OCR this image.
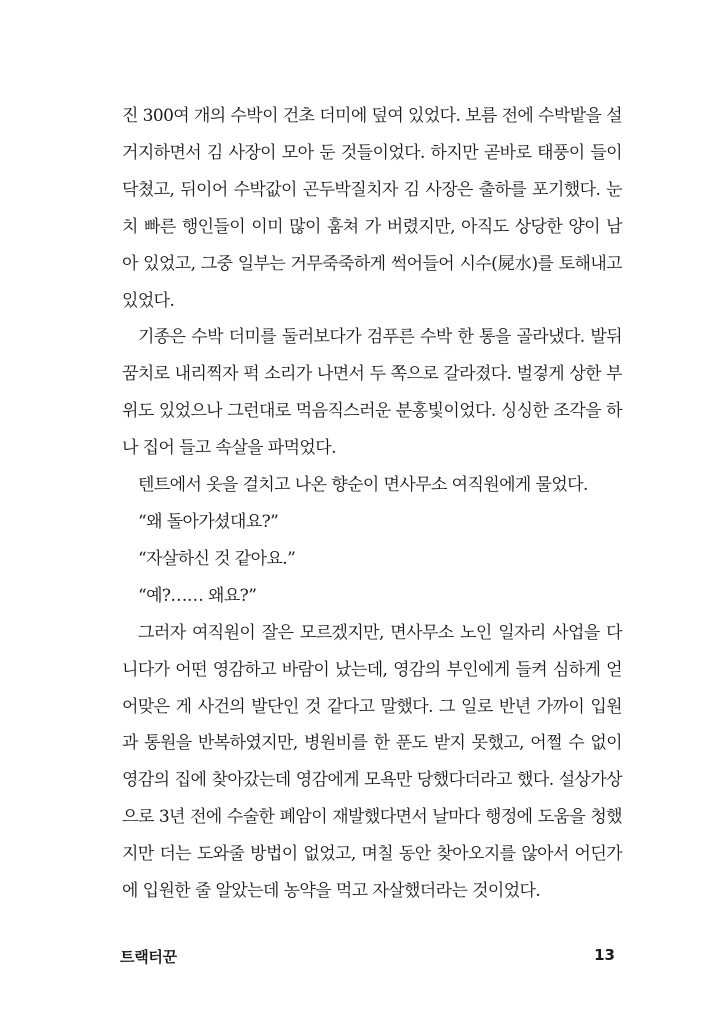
진 300여 개의 수박이 건초 더미에 덮여 있었다. 보름 전에 수박밭을 설거지하면서 김 사장이 모아 둔 것들이었다. 하지만 곧바로 태풍이 들이닥쳤고, 뒤이어 수박값이 곤두박질치자 김 사장은 출하를 포기했다. 눈치 빠른 행인들이 이미 많이 훔쳐 가 버렸지만, 아직도 상당한 양이 남아 있었고, 그중 일부는 거무죽죽하게 썩어들어 시수(屍水)를 토해내고 있었다.

기종은 수박 더미를 둘러보다가 검푸른 수박 한 통을 골라냈다. 발뒤꿈치로 내리찍자 퍽 소리가 나면서 두 쪽으로 갈라졌다. 벌겋게 상한 부위도 있었으나 그런대로 먹음직스러운 분홍빛이었다. 싱싱한 조각을 하나 집어 들고 속살을 파먹었다.

텐트에서 옷을 걸치고 나온 향순이 면사무소 여직원에게 물었다.

“왜 돌아가셨대요?”

“자살하신 것 같아요.”

“예?…… 왜요?”

그러자 여직원이 잘은 모르겠지만, 면사무소 노인 일자리 사업을 다니다가 어떤 영감하고 바람이 났는데, 영감의 부인에게 들켜 심하게 얻어맞은 게 사건의 발단인 것 같다고 말했다. 그 일로 반년 가까이 입원과 통원을 반복하였지만, 병원비를 한 푼도 받지 못했고, 어쩔 수 없이 영감의 집에 찾아갔는데 영감에게 모욕만 당했다더라고 했다. 설상가상으로 3년 전에 수술한 폐암이 재발했다면서 날마다 행정에 도움을 청했지만 더는 도와줄 방법이 없었고, 며칠 동안 찾아오지를 않아서 어딘가에 입원한 줄 알았는데 농약을 먹고 자살했더라는 것이었다.

트랙터꾼	13
